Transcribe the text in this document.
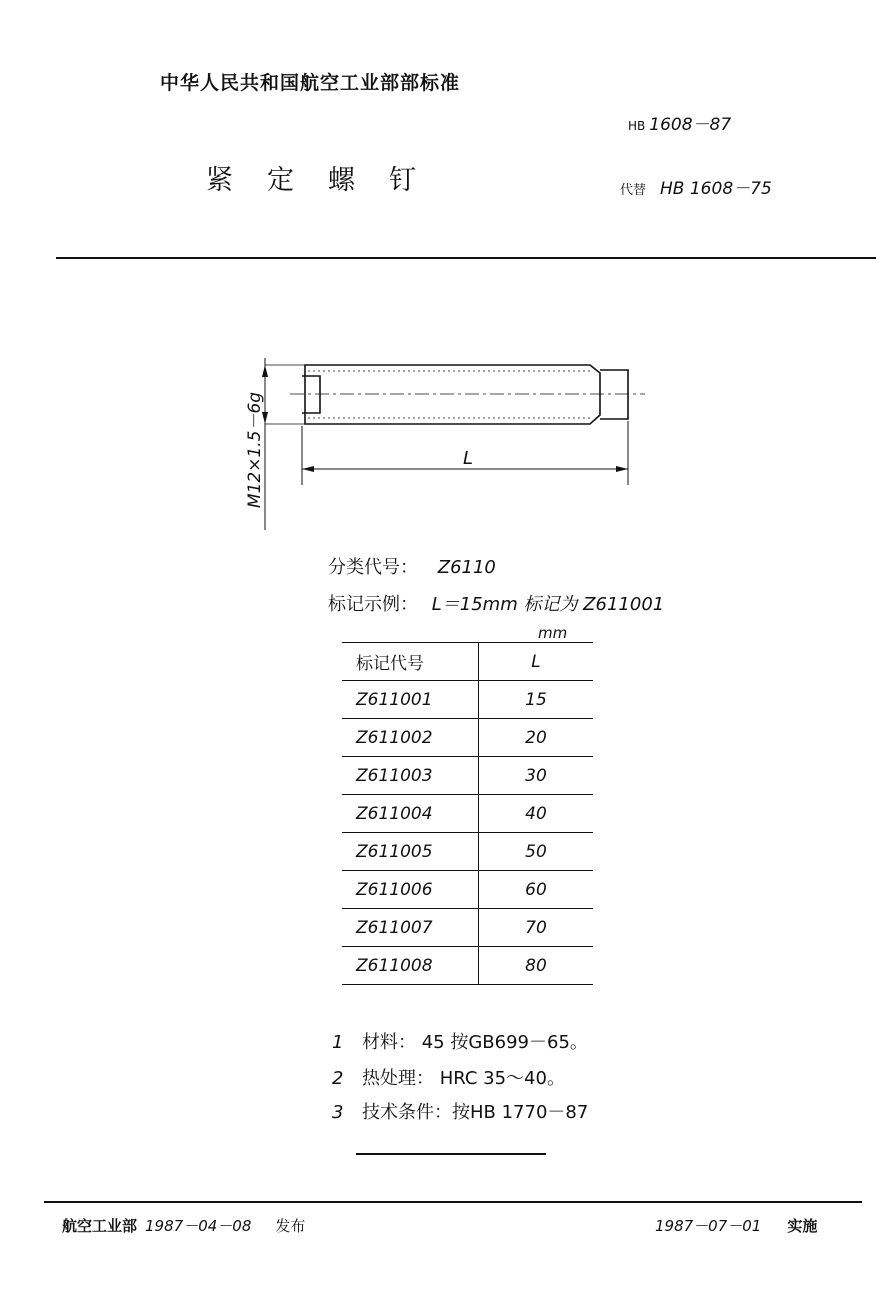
中华人民共和国航空工业部部标准
HB 1608－87
紧定螺钉	代替 HB 1608－75
M12×1.5－6g	L
分类代号： Z6110
标记示例： L＝15mm 标记为 Z611001
mm
标记代号	L
Z611001	15
Z611002	20
Z611003	30
Z611004	40
Z611005	50
Z611006	60
Z611007	70
Z611008	80
1 材料： 45 按GB699－65。
2 热处理： HRC 35～40。
3 技术条件：按HB 1770－87
航空工业部 1987－04－08 发布	1987－07－01 实施
